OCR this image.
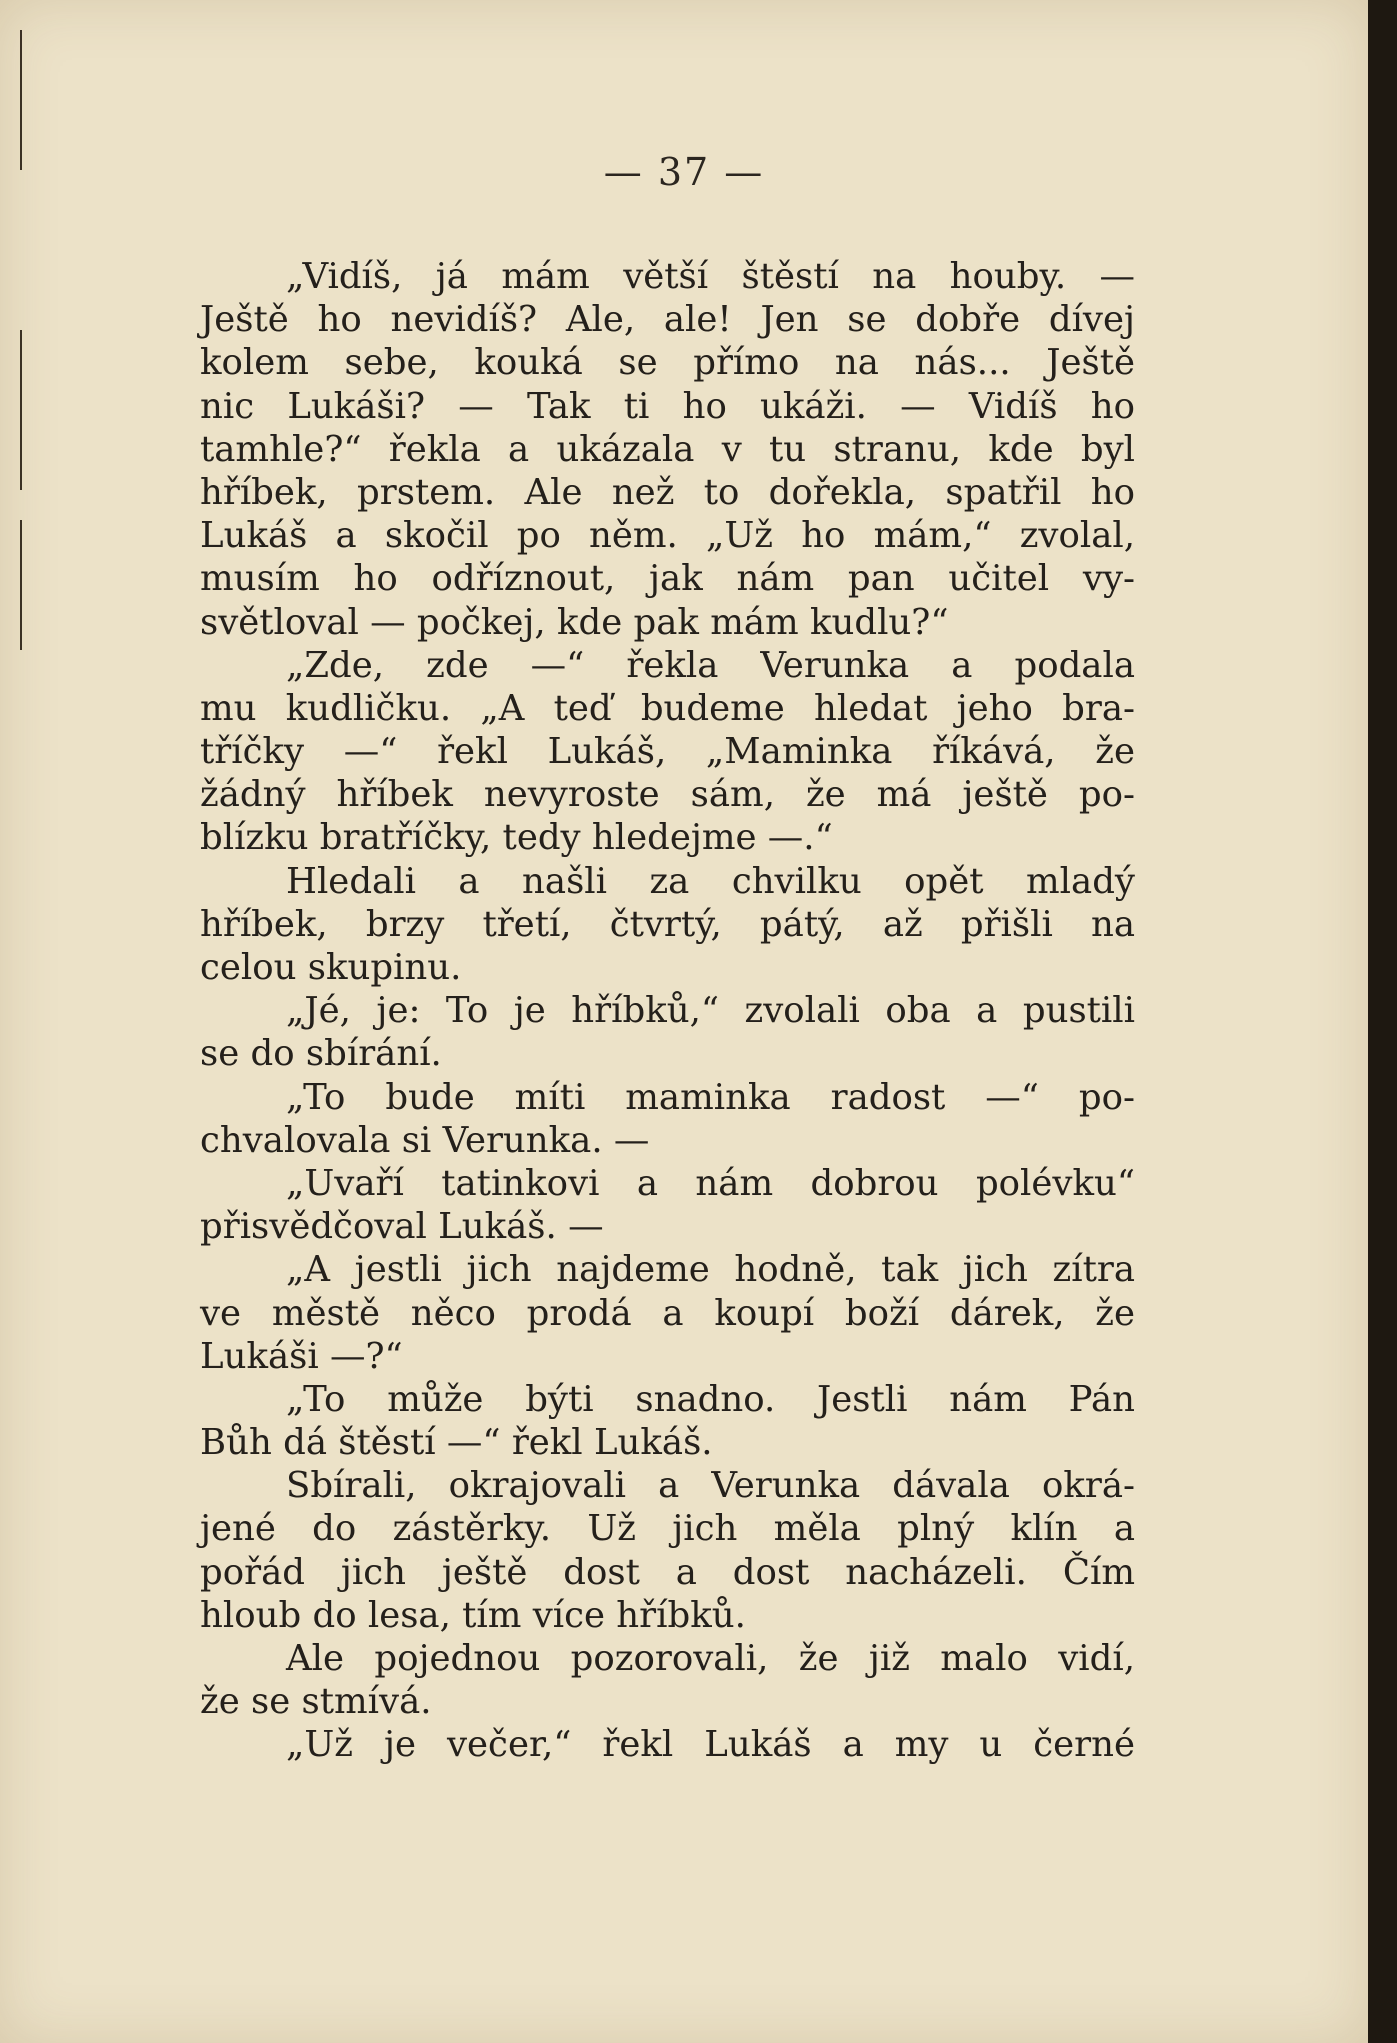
— 37 —
„Vidíš, já mám větší štěstí na houby. —
Ještě ho nevidíš? Ale, ale! Jen se dobře dívej
kolem sebe, kouká se přímo na nás... Ještě
nic Lukáši? — Tak ti ho ukáži. — Vidíš ho
tamhle?“ řekla a ukázala v tu stranu, kde byl
hříbek, prstem. Ale než to dořekla, spatřil ho
Lukáš a skočil po něm. „Už ho mám,“ zvolal,
musím ho odříznout, jak nám pan učitel vy-
světloval — počkej, kde pak mám kudlu?“
„Zde, zde —“ řekla Verunka a podala
mu kudličku. „A teď budeme hledat jeho bra-
tříčky —“ řekl Lukáš, „Maminka říkává, že
žádný hříbek nevyroste sám, že má ještě po-
blízku bratříčky, tedy hledejme —.“
Hledali a našli za chvilku opět mladý
hříbek, brzy třetí, čtvrtý, pátý, až přišli na
celou skupinu.
„Jé, je: To je hříbků,“ zvolali oba a pustili
se do sbírání.
„To bude míti maminka radost —“ po-
chvalovala si Verunka. —
„Uvaří tatinkovi a nám dobrou polévku“
přisvědčoval Lukáš. —
„A jestli jich najdeme hodně, tak jich zítra
ve městě něco prodá a koupí boží dárek, že
Lukáši —?“
„To může býti snadno. Jestli nám Pán
Bůh dá štěstí —“ řekl Lukáš.
Sbírali, okrajovali a Verunka dávala okrá-
jené do zástěrky. Už jich měla plný klín a
pořád jich ještě dost a dost nacházeli. Čím
hloub do lesa, tím více hříbků.
Ale pojednou pozorovali, že již malo vidí,
že se stmívá.
„Už je večer,“ řekl Lukáš a my u černé
